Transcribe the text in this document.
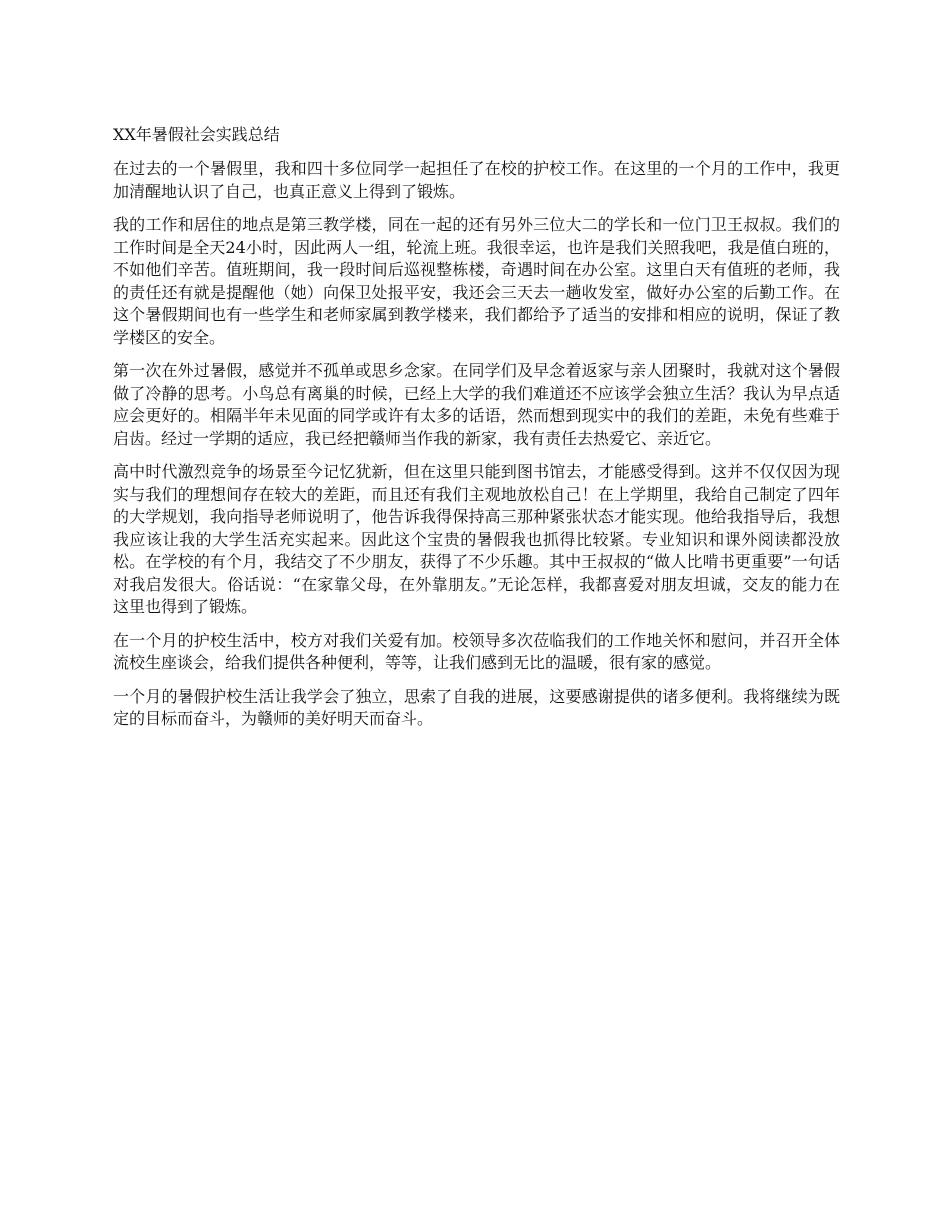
XX年暑假社会实践总结

在过去的一个暑假里，我和四十多位同学一起担任了在校的护校工作。在这里的一个月的工作中，我更加清醒地认识了自己，也真正意义上得到了锻炼。

我的工作和居住的地点是第三教学楼，同在一起的还有另外三位大二的学长和一位门卫王叔叔。我们的工作时间是全天24小时，因此两人一组，轮流上班。我很幸运，也许是我们关照我吧，我是值白班的，不如他们辛苦。值班期间，我一段时间后巡视整栋楼，奇遇时间在办公室。这里白天有值班的老师，我的责任还有就是提醒他（她）向保卫处报平安，我还会三天去一趟收发室，做好办公室的后勤工作。在这个暑假期间也有一些学生和老师家属到教学楼来，我们都给予了适当的安排和相应的说明，保证了教学楼区的安全。

第一次在外过暑假，感觉并不孤单或思乡念家。在同学们及早念着返家与亲人团聚时，我就对这个暑假做了冷静的思考。小鸟总有离巢的时候，已经上大学的我们难道还不应该学会独立生活？我认为早点适应会更好的。相隔半年未见面的同学或许有太多的话语，然而想到现实中的我们的差距，未免有些难于启齿。经过一学期的适应，我已经把赣师当作我的新家，我有责任去热爱它、亲近它。

高中时代激烈竞争的场景至今记忆犹新，但在这里只能到图书馆去，才能感受得到。这并不仅仅因为现实与我们的理想间存在较大的差距，而且还有我们主观地放松自己！在上学期里，我给自己制定了四年的大学规划，我向指导老师说明了，他告诉我得保持高三那种紧张状态才能实现。他给我指导后，我想我应该让我的大学生活充实起来。因此这个宝贵的暑假我也抓得比较紧。专业知识和课外阅读都没放松。在学校的有个月，我结交了不少朋友，获得了不少乐趣。其中王叔叔的“做人比啃书更重要”一句话对我启发很大。俗话说：“在家靠父母，在外靠朋友。”无论怎样，我都喜爱对朋友坦诚，交友的能力在这里也得到了锻炼。

在一个月的护校生活中，校方对我们关爱有加。校领导多次莅临我们的工作地关怀和慰问，并召开全体流校生座谈会，给我们提供各种便利，等等，让我们感到无比的温暖，很有家的感觉。

一个月的暑假护校生活让我学会了独立，思索了自我的进展，这要感谢提供的诸多便利。我将继续为既定的目标而奋斗，为赣师的美好明天而奋斗。
